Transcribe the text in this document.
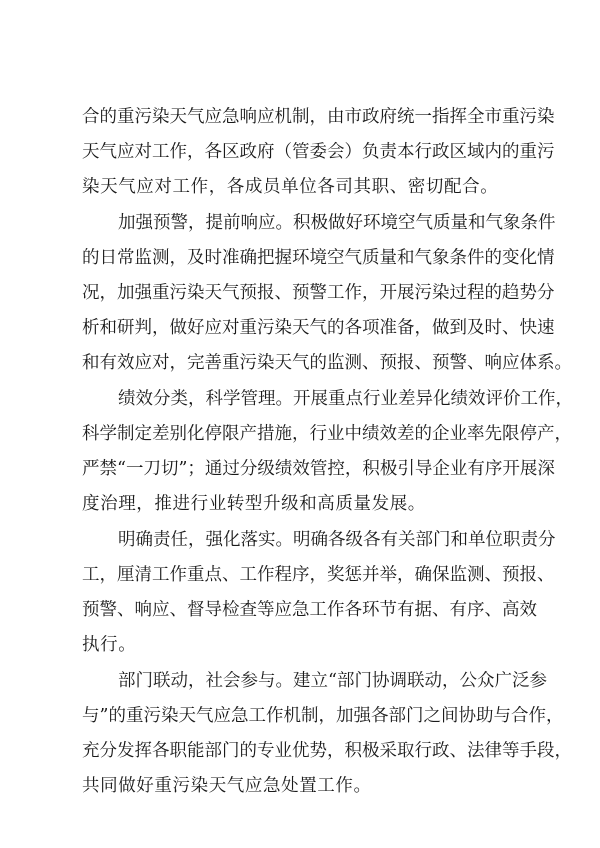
合的重污染天气应急响应机制，由市政府统一指挥全市重污染
天气应对工作，各区政府（管委会）负责本行政区域内的重污
染天气应对工作，各成员单位各司其职、密切配合。
加强预警，提前响应。积极做好环境空气质量和气象条件
的日常监测，及时准确把握环境空气质量和气象条件的变化情
况，加强重污染天气预报、预警工作，开展污染过程的趋势分
析和研判，做好应对重污染天气的各项准备，做到及时、快速
和有效应对，完善重污染天气的监测、预报、预警、响应体系。
绩效分类，科学管理。开展重点行业差异化绩效评价工作，
科学制定差别化停限产措施，行业中绩效差的企业率先限停产，
严禁“一刀切”；通过分级绩效管控，积极引导企业有序开展深
度治理，推进行业转型升级和高质量发展。
明确责任，强化落实。明确各级各有关部门和单位职责分
工，厘清工作重点、工作程序，奖惩并举，确保监测、预报、
预警、响应、督导检查等应急工作各环节有据、有序、高效
执行。
部门联动，社会参与。建立“部门协调联动，公众广泛参
与”的重污染天气应急工作机制，加强各部门之间协助与合作，
充分发挥各职能部门的专业优势，积极采取行政、法律等手段，
共同做好重污染天气应急处置工作。
